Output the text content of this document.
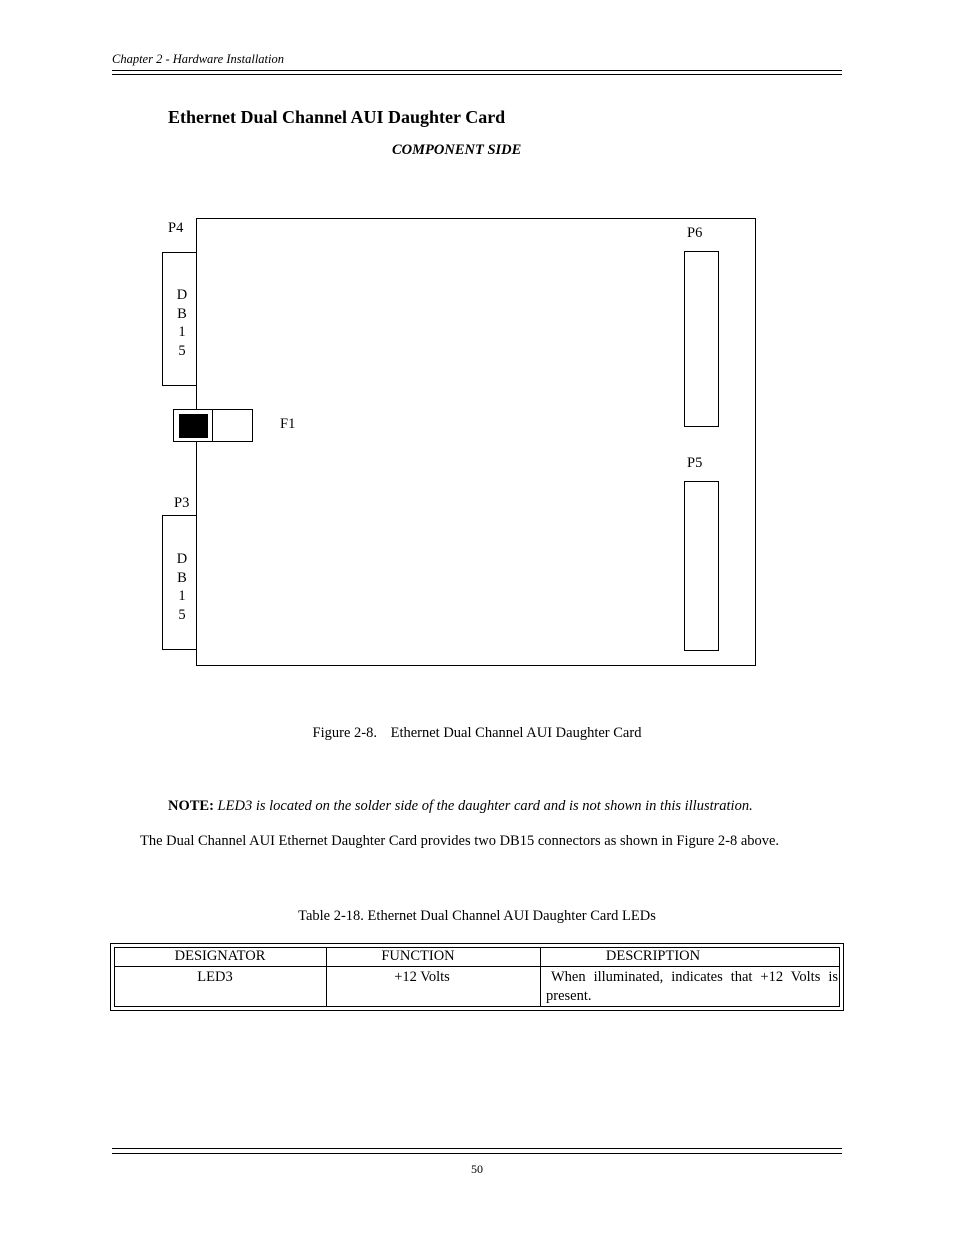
Chapter 2 - Hardware Installation
Ethernet Dual Channel AUI Daughter Card
COMPONENT SIDE
P4
D
B
1
5
F1
P3
D
B
1
5
P6
P5
Figure 2-8. Ethernet Dual Channel AUI Daughter Card
NOTE: LED3 is located on the solder side of the daughter card and is not shown in this illustration.
The Dual Channel AUI Ethernet Daughter Card provides two DB15 connectors as shown in Figure 2-8 above.
Table 2-18. Ethernet Dual Channel AUI Daughter Card LEDs
DESIGNATOR	FUNCTION	DESCRIPTION
LED3	+12 Volts	When illuminated, indicates that +12 Volts is present.
50
